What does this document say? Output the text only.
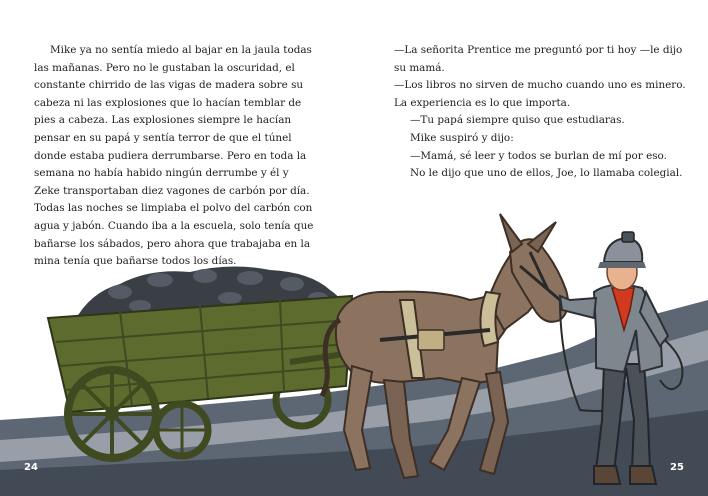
Mike ya no sentía miedo al bajar en la jaula todas las mañanas. Pero no le gustaban la oscuridad, el constante chirrido de las vigas de madera sobre su cabeza ni las explosiones que lo hacían temblar de pies a cabeza. Las explosiones siempre le hacían pensar en su papá y sentía terror de que el túnel donde estaba pudiera derrumbarse. Pero en toda la semana no había habido ningún derrumbe y él y Zeke transportaban diez vagones de carbón por día. Todas las noches se limpiaba el polvo del carbón con agua y jabón. Cuando iba a la escuela, solo tenía que bañarse los sábados, pero ahora que trabajaba en la mina tenía que bañarse todos los días.

—La señorita Prentice me preguntó por ti hoy —le dijo su mamá.

—Los libros no sirven de mucho cuando uno es minero. La experiencia es lo que importa.

—Tu papá siempre quiso que estudiaras.

Mike suspiró y dijo:

—Mamá, sé leer y todos se burlan de mí por eso.

No le dijo que uno de ellos, Joe, lo llamaba colegial.

24	25
